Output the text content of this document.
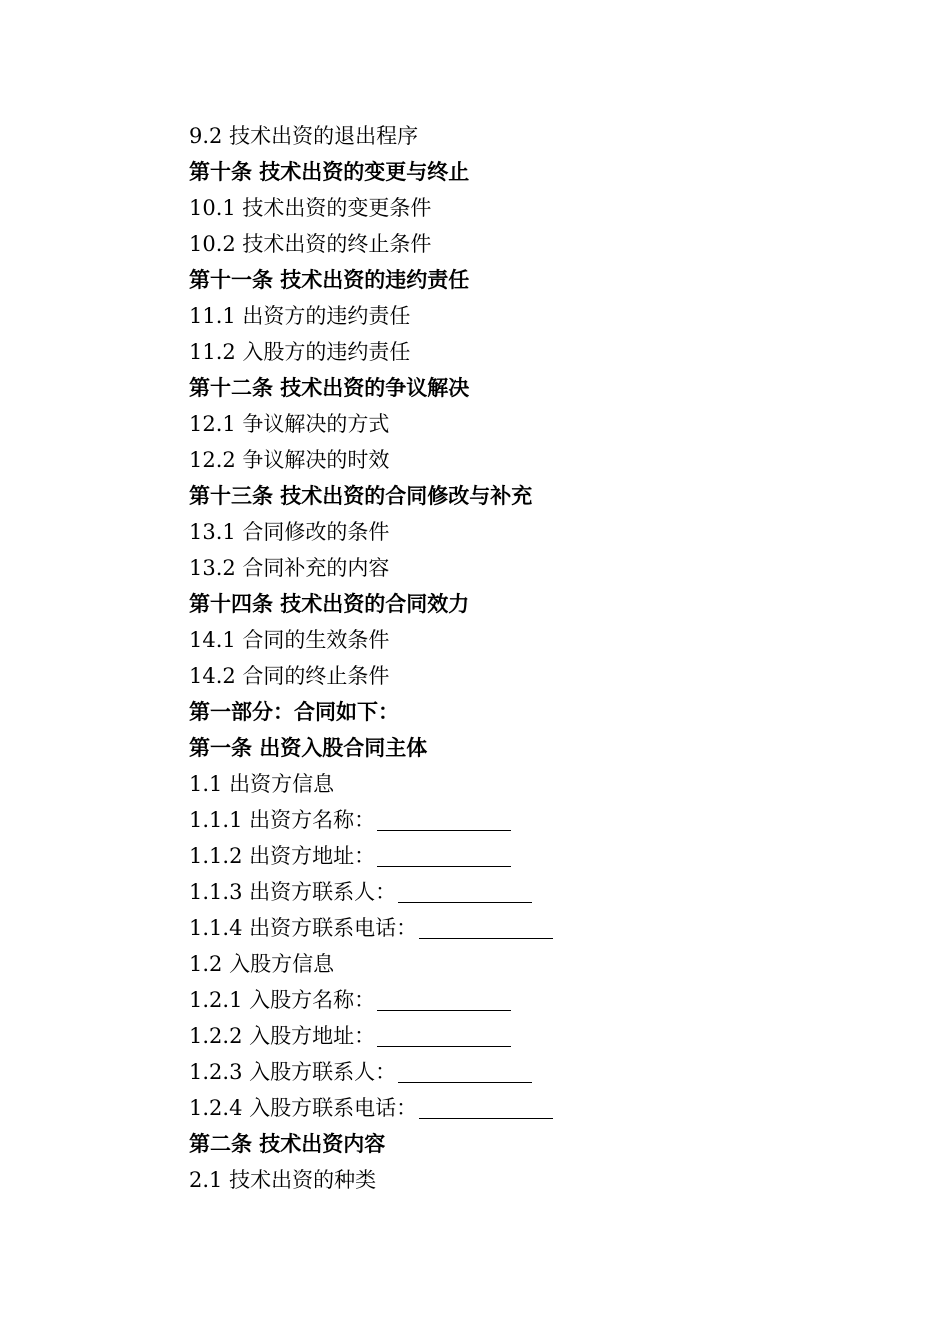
9.2 技术出资的退出程序
第十条 技术出资的变更与终止
10.1 技术出资的变更条件
10.2 技术出资的终止条件
第十一条 技术出资的违约责任
11.1 出资方的违约责任
11.2 入股方的违约责任
第十二条 技术出资的争议解决
12.1 争议解决的方式
12.2 争议解决的时效
第十三条 技术出资的合同修改与补充
13.1 合同修改的条件
13.2 合同补充的内容
第十四条 技术出资的合同效力
14.1 合同的生效条件
14.2 合同的终止条件
第一部分：合同如下：
第一条 出资入股合同主体
1.1 出资方信息
1.1.1 出资方名称：
1.1.2 出资方地址：
1.1.3 出资方联系人：
1.1.4 出资方联系电话：
1.2 入股方信息
1.2.1 入股方名称：
1.2.2 入股方地址：
1.2.3 入股方联系人：
1.2.4 入股方联系电话：
第二条 技术出资内容
2.1 技术出资的种类
